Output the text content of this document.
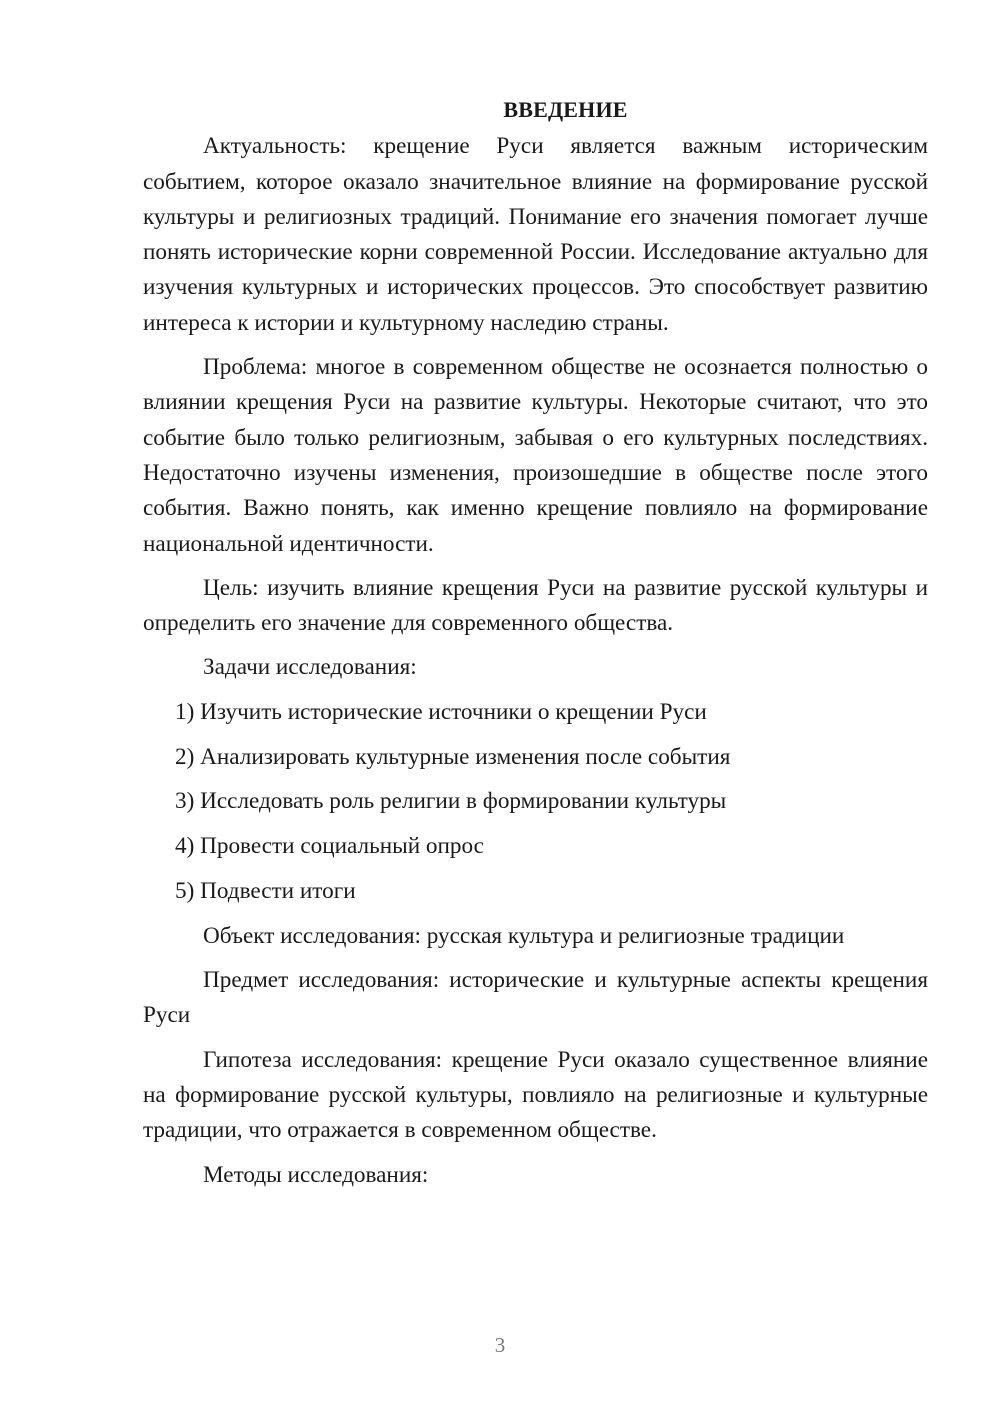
ВВЕДЕНИЕ

Актуальность: крещение Руси является важным историческим событием, которое оказало значительное влияние на формирование русской культуры и религиозных традиций. Понимание его значения помогает лучше понять исторические корни современной России. Исследование актуально для изучения культурных и исторических процессов. Это способствует развитию интереса к истории и культурному наследию страны.

Проблема: многое в современном обществе не осознается полностью о влиянии крещения Руси на развитие культуры. Некоторые считают, что это событие было только религиозным, забывая о его культурных последствиях. Недостаточно изучены изменения, произошедшие в обществе после этого события. Важно понять, как именно крещение повлияло на формирование национальной идентичности.

Цель: изучить влияние крещения Руси на развитие русской культуры и определить его значение для современного общества.

Задачи исследования:
1) Изучить исторические источники о крещении Руси
2) Анализировать культурные изменения после события
3) Исследовать роль религии в формировании культуры
4) Провести социальный опрос
5) Подвести итоги
Объект исследования: русская культура и религиозные традиции

Предмет исследования: исторические и культурные аспекты крещения Руси

Гипотеза исследования: крещение Руси оказало существенное влияние на формирование русской культуры, повлияло на религиозные и культурные традиции, что отражается в современном обществе.

Методы исследования:
3
